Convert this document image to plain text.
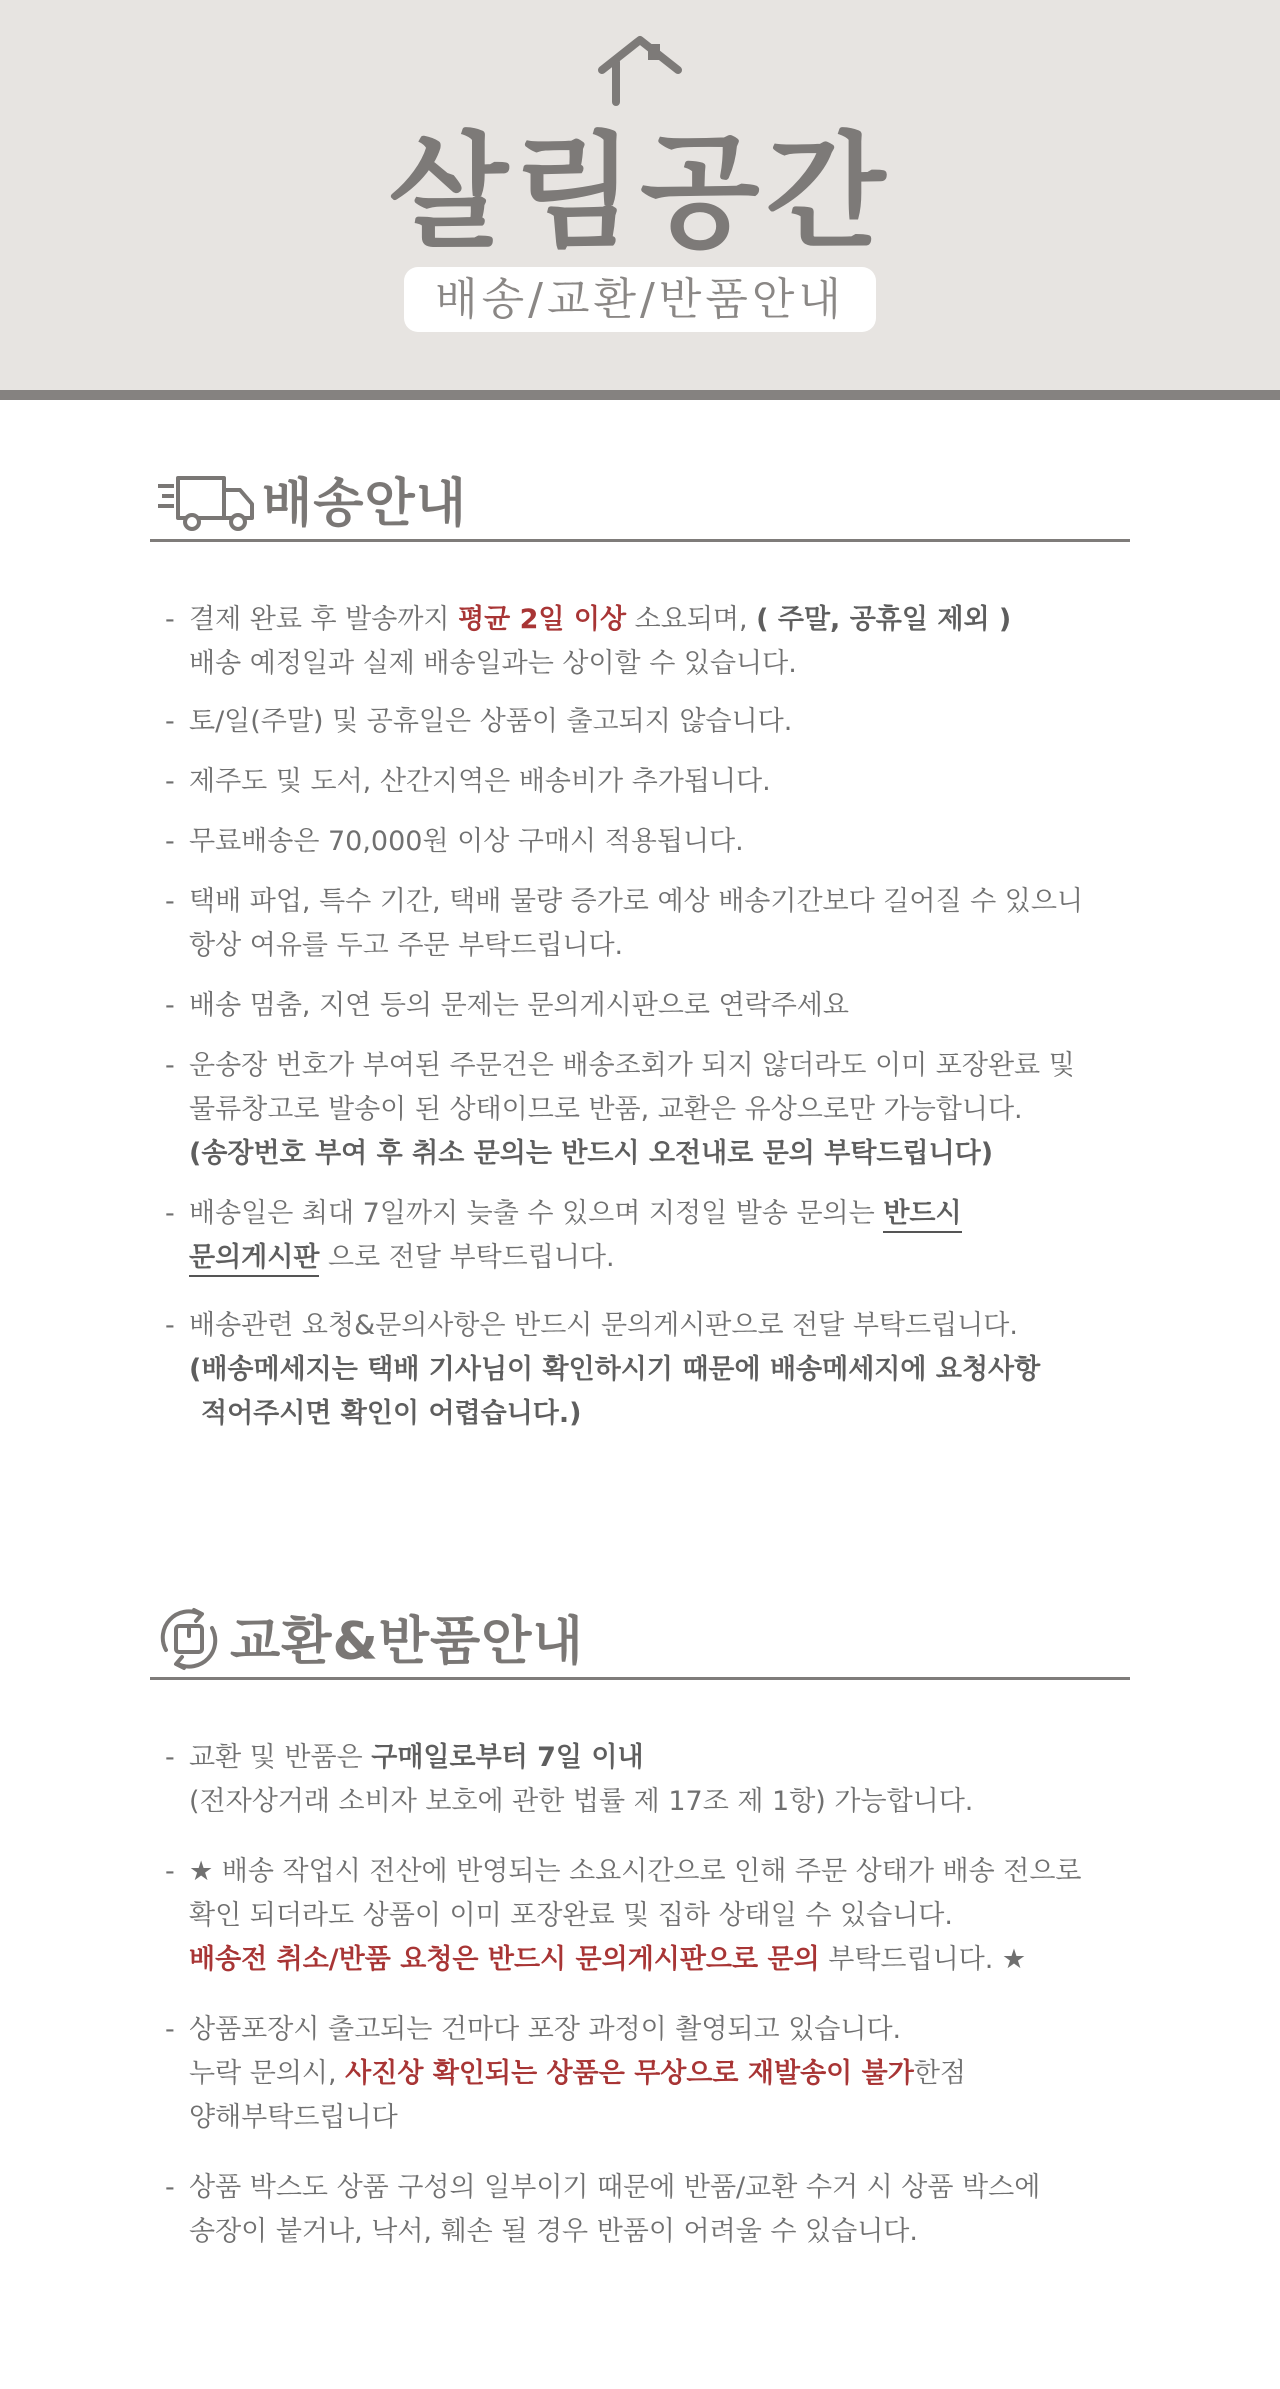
살림공간
배송/교환/반품안내
배송안내
- 결제 완료 후 발송까지 평균 2일 이상 소요되며, ( 주말, 공휴일 제외 )
배송 예정일과 실제 배송일과는 상이할 수 있습니다.
- 토/일(주말) 및 공휴일은 상품이 출고되지 않습니다.
- 제주도 및 도서, 산간지역은 배송비가 추가됩니다.
- 무료배송은 70,000원 이상 구매시 적용됩니다.
- 택배 파업, 특수 기간, 택배 물량 증가로 예상 배송기간보다 길어질 수 있으니
항상 여유를 두고 주문 부탁드립니다.
- 배송 멈춤, 지연 등의 문제는 문의게시판으로 연락주세요
- 운송장 번호가 부여된 주문건은 배송조회가 되지 않더라도 이미 포장완료 및
물류창고로 발송이 된 상태이므로 반품, 교환은 유상으로만 가능합니다.
(송장번호 부여 후 취소 문의는 반드시 오전내로 문의 부탁드립니다)
- 배송일은 최대 7일까지 늦출 수 있으며 지정일 발송 문의는 반드시
문의게시판 으로 전달 부탁드립니다.
- 배송관련 요청&문의사항은 반드시 문의게시판으로 전달 부탁드립니다.
(배송메세지는 택배 기사님이 확인하시기 때문에 배송메세지에 요청사항
적어주시면 확인이 어렵습니다.)
교환&반품안내
- 교환 및 반품은 구매일로부터 7일 이내
(전자상거래 소비자 보호에 관한 법률 제 17조 제 1항) 가능합니다.
- ★ 배송 작업시 전산에 반영되는 소요시간으로 인해 주문 상태가 배송 전으로
확인 되더라도 상품이 이미 포장완료 및 집하 상태일 수 있습니다.
배송전 취소/반품 요청은 반드시 문의게시판으로 문의 부탁드립니다. ★
- 상품포장시 출고되는 건마다 포장 과정이 촬영되고 있습니다.
누락 문의시, 사진상 확인되는 상품은 무상으로 재발송이 불가한점
양해부탁드립니다
- 상품 박스도 상품 구성의 일부이기 때문에 반품/교환 수거 시 상품 박스에
송장이 붙거나, 낙서, 훼손 될 경우 반품이 어려울 수 있습니다.
